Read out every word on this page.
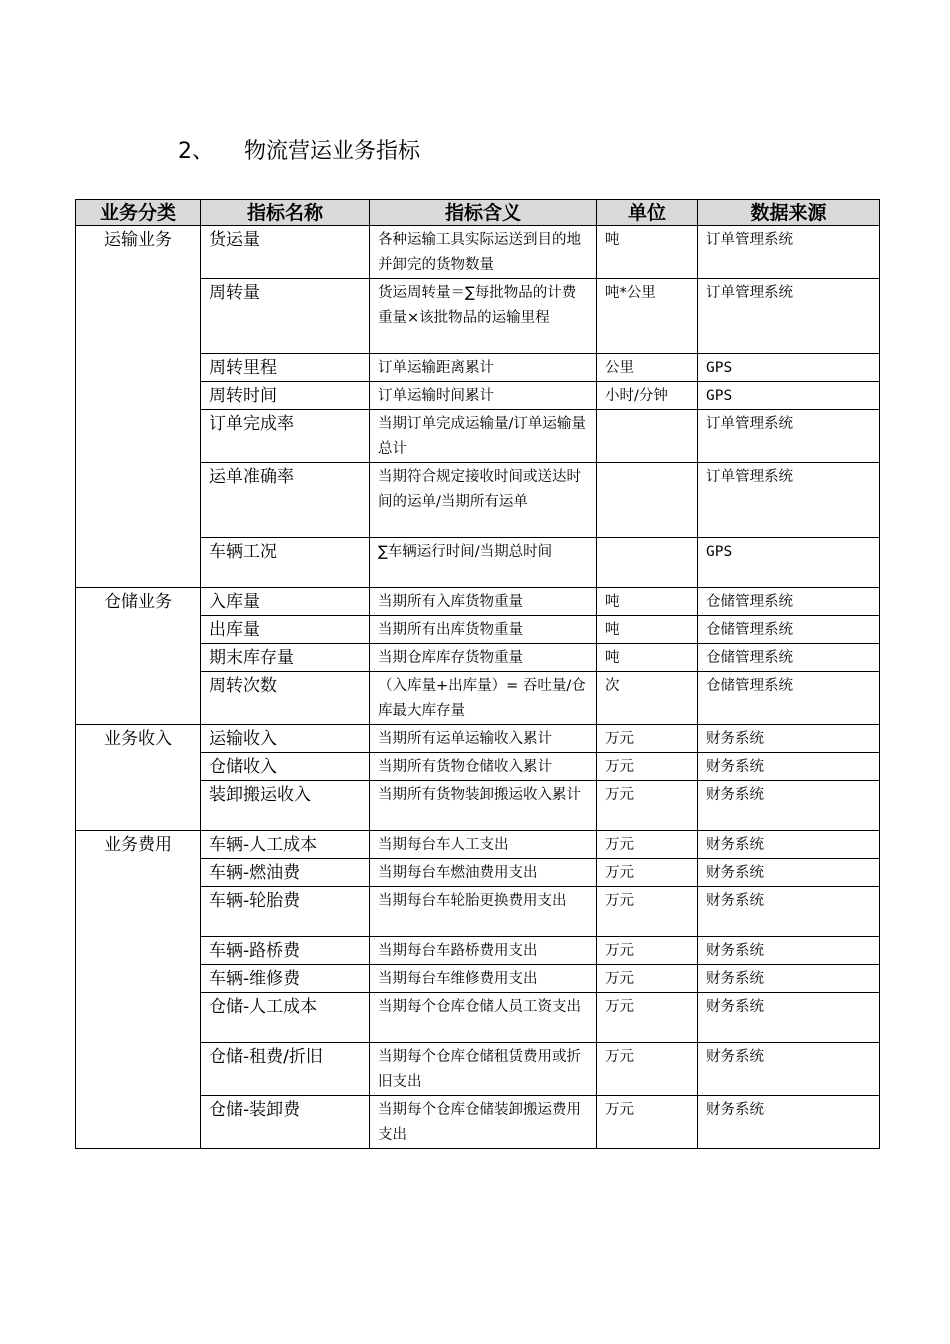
2、 物流营运业务指标
业务分类	指标名称	指标含义	单位	数据来源
运输业务	货运量	各种运输工具实际运送到目的地并卸完的货物数量	吨	订单管理系统
	周转量	货运周转量＝∑每批物品的计费重量×该批物品的运输里程	吨*公里	订单管理系统
	周转里程	订单运输距离累计	公里	GPS
	周转时间	订单运输时间累计	小时/分钟	GPS
	订单完成率	当期订单完成运输量/订单运输量总计		订单管理系统
	运单准确率	当期符合规定接收时间或送达时间的运单/当期所有运单		订单管理系统
	车辆工况	∑车辆运行时间/当期总时间		GPS
仓储业务	入库量	当期所有入库货物重量	吨	仓储管理系统
	出库量	当期所有出库货物重量	吨	仓储管理系统
	期末库存量	当期仓库库存货物重量	吨	仓储管理系统
	周转次数	（入库量+出库量）= 吞吐量/仓库最大库存量	次	仓储管理系统
业务收入	运输收入	当期所有运单运输收入累计	万元	财务系统
	仓储收入	当期所有货物仓储收入累计	万元	财务系统
	装卸搬运收入	当期所有货物装卸搬运收入累计	万元	财务系统
业务费用	车辆-人工成本	当期每台车人工支出	万元	财务系统
	车辆-燃油费	当期每台车燃油费用支出	万元	财务系统
	车辆-轮胎费	当期每台车轮胎更换费用支出	万元	财务系统
	车辆-路桥费	当期每台车路桥费用支出	万元	财务系统
	车辆-维修费	当期每台车维修费用支出	万元	财务系统
	仓储-人工成本	当期每个仓库仓储人员工资支出	万元	财务系统
	仓储-租费/折旧	当期每个仓库仓储租赁费用或折旧支出	万元	财务系统
	仓储-装卸费	当期每个仓库仓储装卸搬运费用支出	万元	财务系统
